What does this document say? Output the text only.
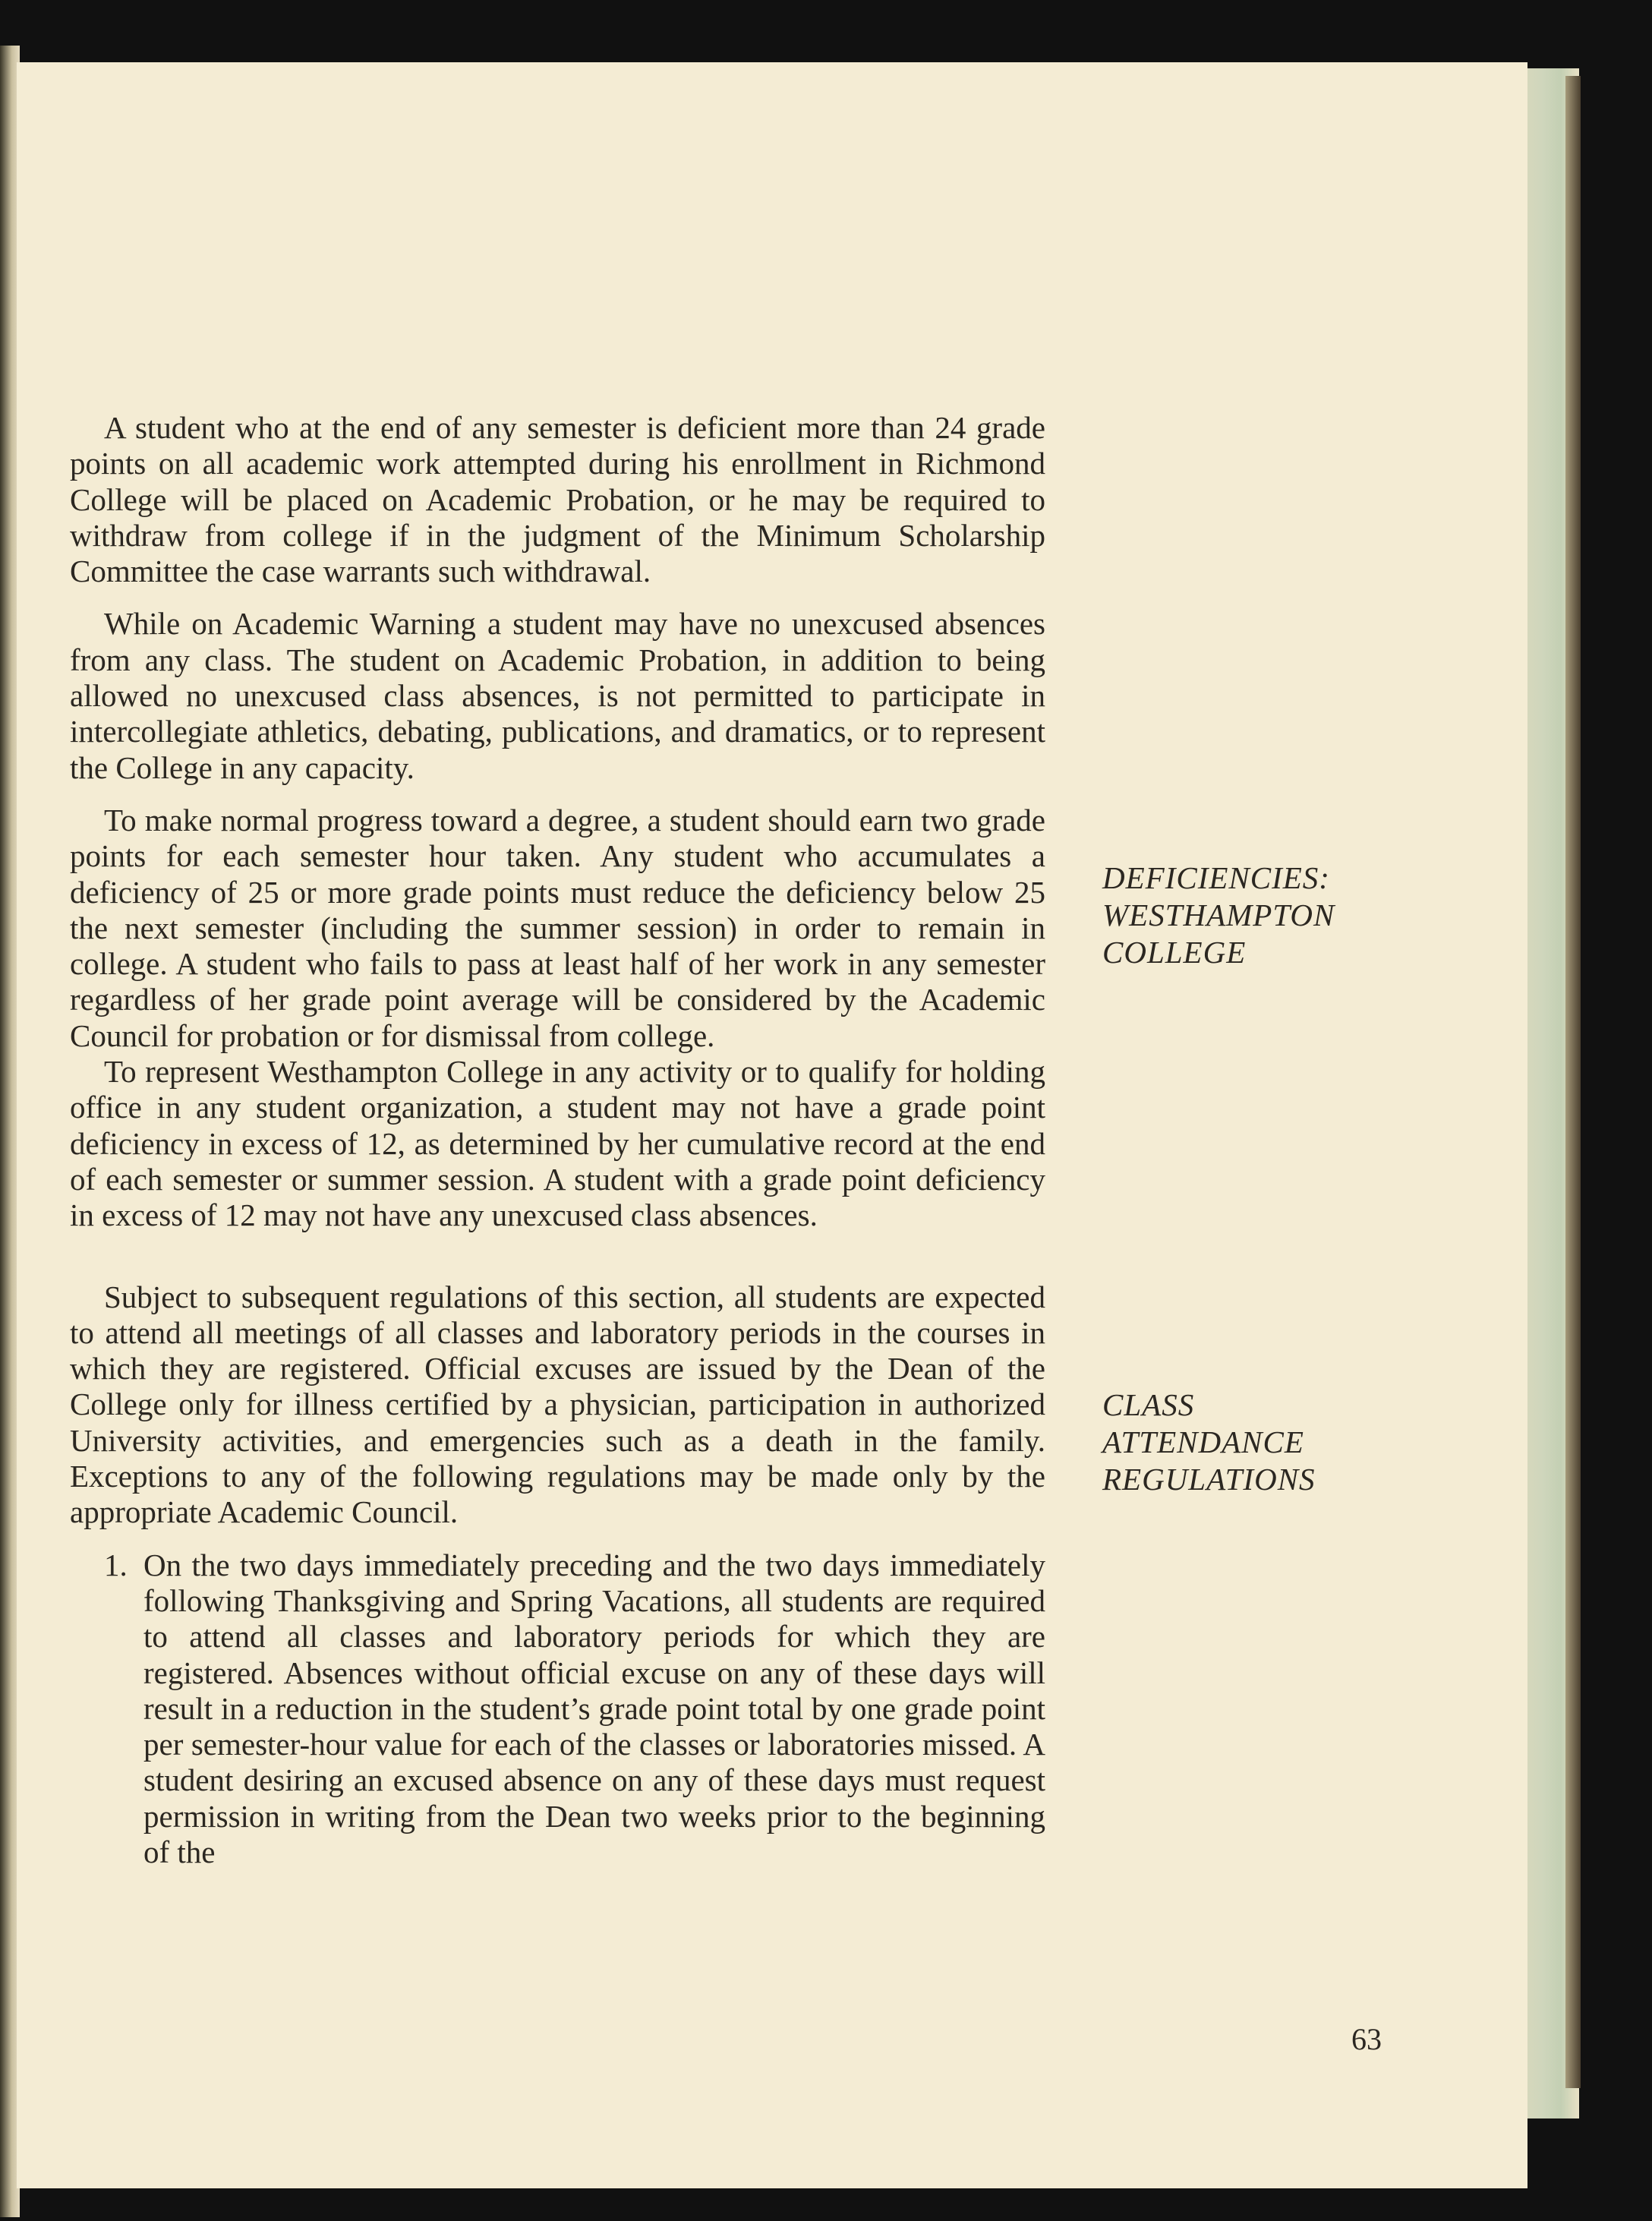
A student who at the end of any semester is deficient more than 24 grade points on all academic work attempted during his enrollment in Richmond College will be placed on Academic Probation, or he may be required to withdraw from college if in the judgment of the Minimum Scholarship Committee the case warrants such withdrawal.

While on Academic Warning a student may have no unexcused absences from any class. The student on Academic Probation, in addition to being allowed no unexcused class absences, is not permitted to participate in intercollegiate athletics, debating, publications, and dramatics, or to represent the College in any capacity.

To make normal progress toward a degree, a student should earn two grade points for each semester hour taken. Any student who accumulates a deficiency of 25 or more grade points must reduce the deficiency below 25 the next semester (including the summer session) in order to remain in college. A student who fails to pass at least half of her work in any semester regardless of her grade point average will be considered by the Academic Council for probation or for dismissal from college.

To represent Westhampton College in any activity or to qualify for holding office in any student organization, a student may not have a grade point deficiency in excess of 12, as determined by her cumulative record at the end of each semester or summer session. A student with a grade point deficiency in excess of 12 may not have any unexcused class absences.

Subject to subsequent regulations of this section, all students are expected to attend all meetings of all classes and laboratory periods in the courses in which they are registered. Official excuses are issued by the Dean of the College only for illness certified by a physician, participation in authorized University activities, and emergencies such as a death in the family. Exceptions to any of the following regulations may be made only by the appropriate Academic Council.

1. On the two days immediately preceding and the two days immediately following Thanksgiving and Spring Vacations, all students are required to attend all classes and laboratory periods for which they are registered. Absences without official excuse on any of these days will result in a reduction in the student’s grade point total by one grade point per semester-hour value for each of the classes or laboratories missed. A student desiring an excused absence on any of these days must request permission in writing from the Dean two weeks prior to the beginning of the

DEFICIENCIES:
WESTHAMPTON
COLLEGE
CLASS
ATTENDANCE
REGULATIONS
63
